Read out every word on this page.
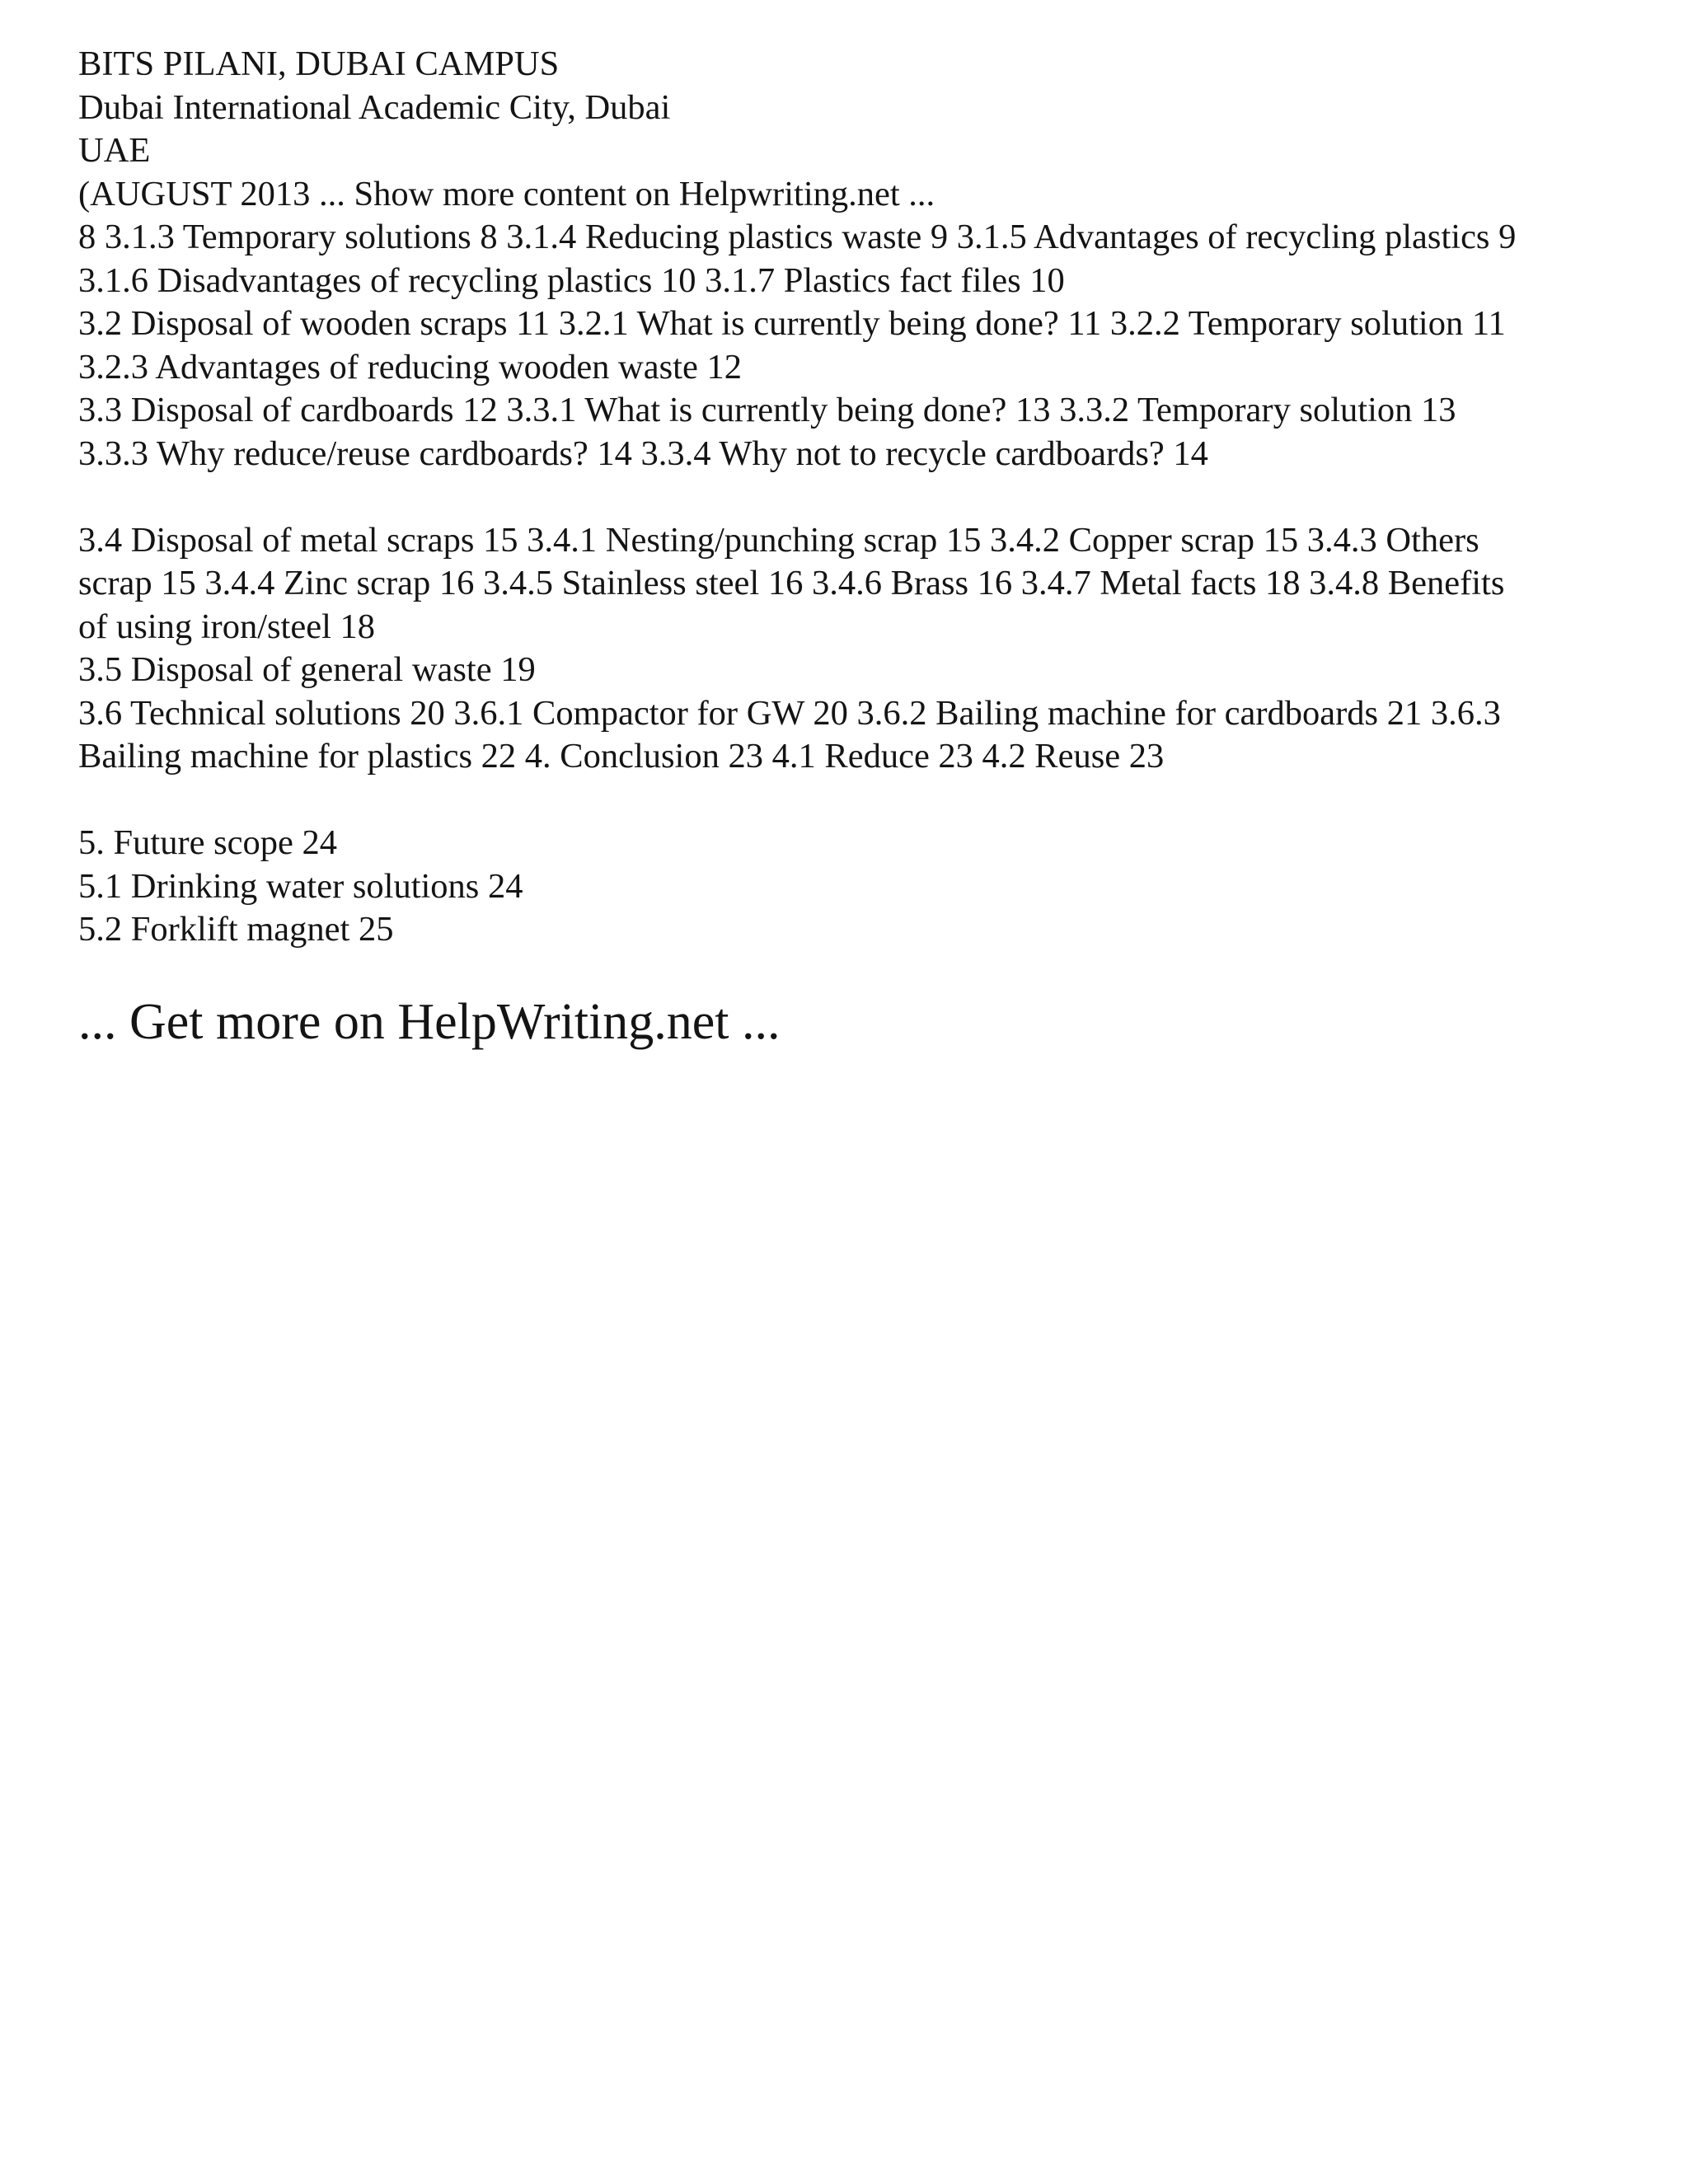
BITS PILANI, DUBAI CAMPUS
Dubai International Academic City, Dubai
UAE
(AUGUST 2013 ... Show more content on Helpwriting.net ...
8 3.1.3 Temporary solutions 8 3.1.4 Reducing plastics waste 9 3.1.5 Advantages of recycling plastics 9
3.1.6 Disadvantages of recycling plastics 10 3.1.7 Plastics fact files 10
3.2 Disposal of wooden scraps 11 3.2.1 What is currently being done? 11 3.2.2 Temporary solution 11
3.2.3 Advantages of reducing wooden waste 12
3.3 Disposal of cardboards 12 3.3.1 What is currently being done? 13 3.3.2 Temporary solution 13
3.3.3 Why reduce/reuse cardboards? 14 3.3.4 Why not to recycle cardboards? 14
3.4 Disposal of metal scraps 15 3.4.1 Nesting/punching scrap 15 3.4.2 Copper scrap 15 3.4.3 Others
scrap 15 3.4.4 Zinc scrap 16 3.4.5 Stainless steel 16 3.4.6 Brass 16 3.4.7 Metal facts 18 3.4.8 Benefits
of using iron/steel 18
3.5 Disposal of general waste 19
3.6 Technical solutions 20 3.6.1 Compactor for GW 20 3.6.2 Bailing machine for cardboards 21 3.6.3
Bailing machine for plastics 22 4. Conclusion 23 4.1 Reduce 23 4.2 Reuse 23
5. Future scope 24
5.1 Drinking water solutions 24
5.2 Forklift magnet 25
... Get more on HelpWriting.net ...
